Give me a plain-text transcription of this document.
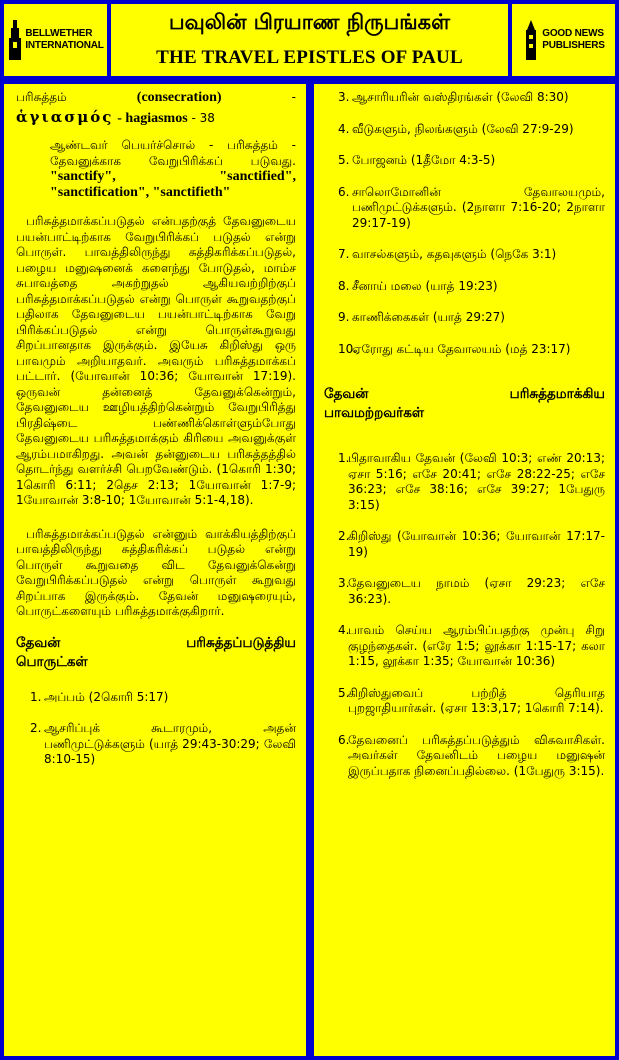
BELLWETHER
INTERNATIONAL
பவுலின் பிரயாண நிருபங்கள்
THE TRAVEL EPISTLES OF PAUL
GOOD NEWS
PUBLISHERS
பரிசுத்தம்	(consecration)	-
ἁγιασμός - hagiasmos - 38
ஆண்டவர் பெயர்ச்சொல் - பரிசுத்தம் - தேவனுக்காக வேறுபிரிக்கப் படுவது. "sanctify", "sanctified", "sanctification", "sanctifieth"
பரிசுத்தமாக்கப்படுதல் என்பதற்குத் தேவனுடைய பயன்பாட்டிற்காக வேறுபிரிக்கப் படுதல் என்று பொருள். பாவத்திலிருந்து சுத்திகரிக்கப்படுதல், பழைய மனுஷனைக் களைந்து போடுதல், மாம்ச சுபாவத்தை அகற்றுதல் ஆகியவற்றிற்குப் பரிசுத்தமாக்கப்படுதல் என்று பொருள் கூறுவதற்குப் பதிலாக தேவனுடைய பயன்பாட்டிற்காக வேறு பிரிக்கப்படுதல் என்று பொருள்கூறுவது சிறப்பானதாக இருக்கும். இயேசு கிறிஸ்து ஒரு பாவமும் அறியாதவர். அவரும் பரிசுத்தமாக்கப் பட்டார். (யோவான் 10:36; யோவான் 17:19). ஒருவன் தன்னைத் தேவனுக்கென்றும், தேவனுடைய ஊழியத்திற்கென்றும் வேறுபிரித்து பிரதிஷ்டை பண்ணிக்கொள்ளும்போது தேவனுடைய பரிசுத்தமாக்கும் கிரியை அவனுக்குள் ஆரம்பமாகிறது. அவன் தன்னுடைய பரிசுத்தத்தில் தொடர்ந்து வளர்ச்சி பெறவேண்டும். (1கொரி 1:30; 1கொரி 6:11; 2தெச 2:13; 1யோவான் 1:7-9; 1யோவான் 3:8-10; 1யோவான் 5:1-4,18).
பரிசுத்தமாக்கப்படுதல் என்னும் வாக்கியத்திற்குப் பாவத்திலிருந்து சுத்திகரிக்கப் படுதல் என்று பொருள் கூறுவதை விட தேவனுக்கென்று வேறுபிரிக்கப்படுதல் என்று பொருள் கூறுவது சிறப்பாக இருக்கும். தேவன் மனுஷரையும், பொருட்களையும் பரிசுத்தமாக்குகிறார்.
தேவன் பரிசுத்தப்படுத்திய
பொருட்கள்
1. அப்பம் (2கொரி 5:17)
2. ஆசரிப்புக் கூடாரமும், அதன் பணிமுட்டுக்களும் (யாத் 29:43-30:29; லேவி 8:10-15)
3. ஆசாரியரின் வஸ்திரங்கள் (லேவி 8:30)
4. வீடுகளும், நிலங்களும் (லேவி 27:9-29)
5. போஜனம் (1தீமோ 4:3-5)
6. சாலொமோனின் தேவாலயமும், பணிமுட்டுக்களும். (2நாளா 7:16-20; 2நாளா 29:17-19)
7. வாசல்களும், கதவுகளும் (நெகே 3:1)
8. சீனாய் மலை (யாத் 19:23)
9. காணிக்கைகள் (யாத் 29:27)
10.
ஏரோது கட்டிய தேவாலயம் (மத் 23:17)
தேவன் பரிசுத்தமாக்கிய
பாவமற்றவர்கள்
1.
பிதாவாகிய தேவன் (லேவி 10:3; எண் 20:13; ஏசா 5:16; எசே 20:41; எசே 28:22-25; எசே 36:23; எசே 38:16; எசே 39:27; 1பேதுரு 3:15)
2.
கிறிஸ்து (யோவான் 10:36; யோவான் 17:17-19)
3.
தேவனுடைய நாமம் (ஏசா 29:23; எசே 36:23).
4.
பாவம் செய்ய ஆரம்பிப்பதற்கு முன்பு சிறு குழந்தைகள். (எரே 1:5; லூக்கா 1:15-17; கலா 1:15, லூக்கா 1:35; யோவான் 10:36)
5.
கிறிஸ்துவைப் பற்றித் தெரியாத புறஜாதியார்கள். (ஏசா 13:3,17; 1கொரி 7:14).
6.
தேவனைப் பரிசுத்தப்படுத்தும் விசுவாசிகள். அவர்கள் தேவனிடம் பழைய மனுஷன் இருப்பதாக நினைப்பதில்லை. (1பேதுரு 3:15).
